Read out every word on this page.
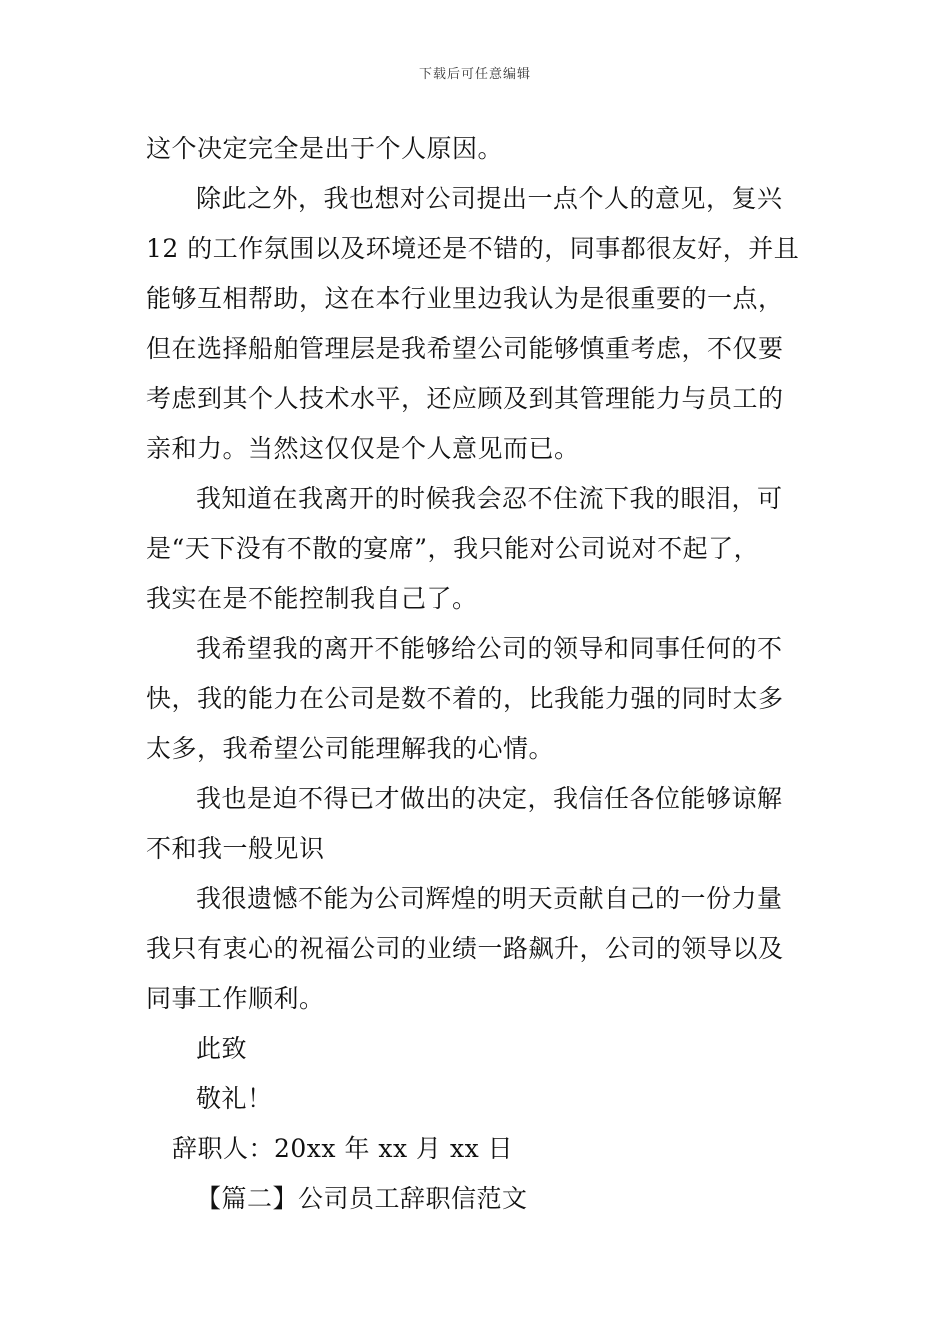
下载后可任意编辑
这个决定完全是出于个人原因。
除此之外，我也想对公司提出一点个人的意见，复兴
12 的工作氛围以及环境还是不错的，同事都很友好，并且
能够互相帮助，这在本行业里边我认为是很重要的一点，
但在选择船舶管理层是我希望公司能够慎重考虑，不仅要
考虑到其个人技术水平，还应顾及到其管理能力与员工的
亲和力。当然这仅仅是个人意见而已。
我知道在我离开的时候我会忍不住流下我的眼泪，可
是“天下没有不散的宴席”，我只能对公司说对不起了，
我实在是不能控制我自己了。
我希望我的离开不能够给公司的领导和同事任何的不
快，我的能力在公司是数不着的，比我能力强的同时太多
太多，我希望公司能理解我的心情。
我也是迫不得已才做出的决定，我信任各位能够谅解
不和我一般见识
我很遗憾不能为公司辉煌的明天贡献自己的一份力量
我只有衷心的祝福公司的业绩一路飙升，公司的领导以及
同事工作顺利。
此致
敬礼！
辞职人：20xx 年 xx 月 xx 日
【篇二】公司员工辞职信范文
